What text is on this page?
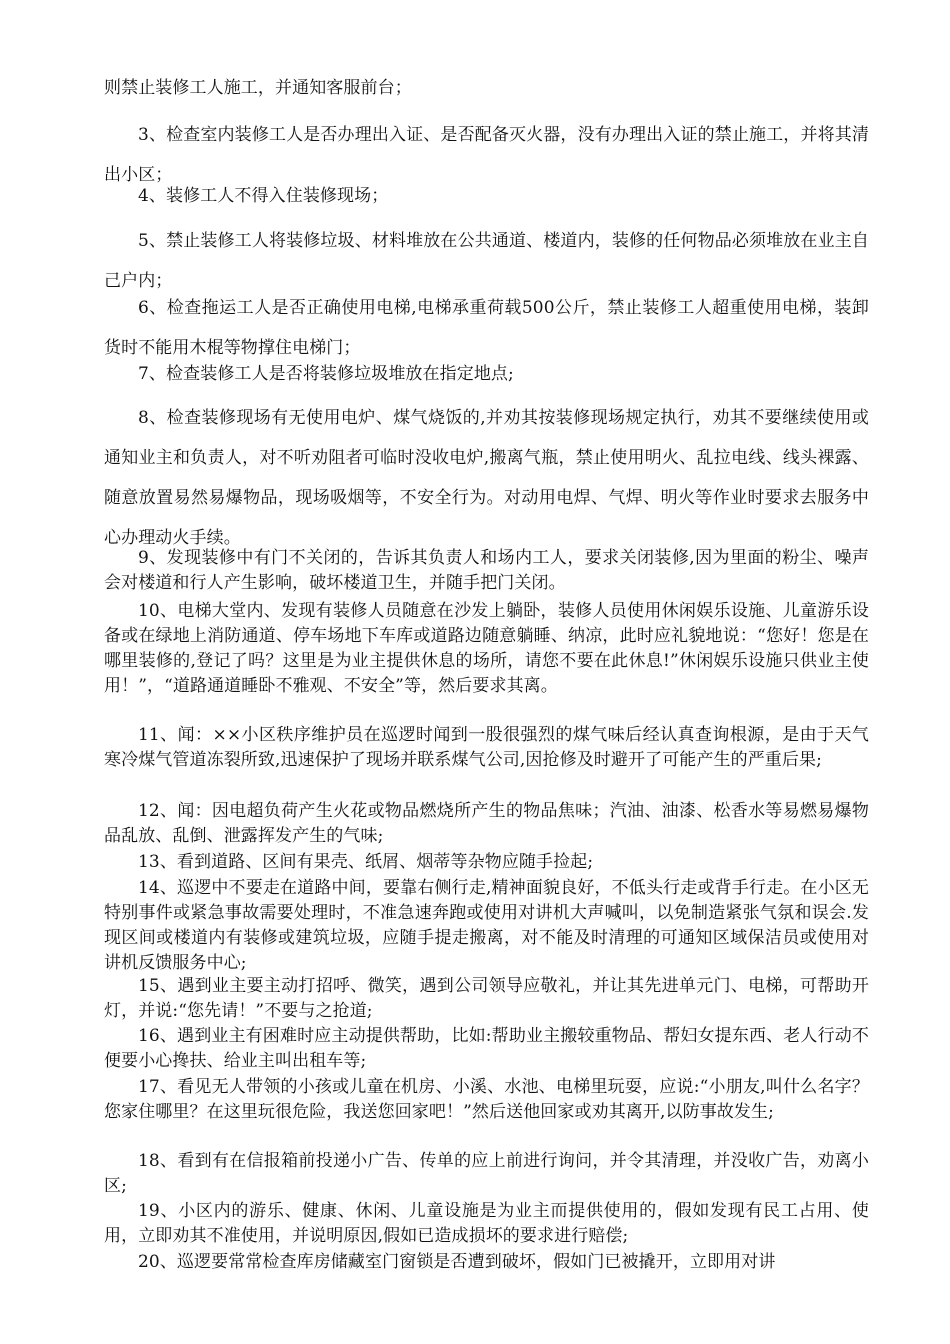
则禁止装修工人施工，并通知客服前台；

3、检查室内装修工人是否办理出入证、是否配备灭火器，没有办理出入证的禁止施工，并将其清出小区；

4、装修工人不得入住装修现场；

5、禁止装修工人将装修垃圾、材料堆放在公共通道、楼道内，装修的任何物品必须堆放在业主自己户内；

6、检查拖运工人是否正确使用电梯,电梯承重荷载500公斤，禁止装修工人超重使用电梯，装卸货时不能用木棍等物撑住电梯门；

7、检查装修工人是否将装修垃圾堆放在指定地点;

8、检查装修现场有无使用电炉、煤气烧饭的,并劝其按装修现场规定执行，劝其不要继续使用或通知业主和负责人，对不听劝阻者可临时没收电炉,搬离气瓶，禁止使用明火、乱拉电线、线头裸露、随意放置易然易爆物品，现场吸烟等，不安全行为。对动用电焊、气焊、明火等作业时要求去服务中心办理动火手续。

9、发现装修中有门不关闭的，告诉其负责人和场内工人，要求关闭装修,因为里面的粉尘、噪声会对楼道和行人产生影响，破坏楼道卫生，并随手把门关闭。

10、电梯大堂内、发现有装修人员随意在沙发上躺卧，装修人员使用休闲娱乐设施、儿童游乐设备或在绿地上消防通道、停车场地下车库或道路边随意躺睡、纳凉，此时应礼貌地说：“您好！您是在哪里装修的,登记了吗？这里是为业主提供休息的场所，请您不要在此休息!”休闲娱乐设施只供业主使用！”，“道路通道睡卧不雅观、不安全”等，然后要求其离。

11、闻：××小区秩序维护员在巡逻时闻到一股很强烈的煤气味后经认真查询根源，是由于天气寒冷煤气管道冻裂所致,迅速保护了现场并联系煤气公司,因抢修及时避开了可能产生的严重后果;

12、闻：因电超负荷产生火花或物品燃烧所产生的物品焦味；汽油、油漆、松香水等易燃易爆物品乱放、乱倒、泄露挥发产生的气味;

13、看到道路、区间有果壳、纸屑、烟蒂等杂物应随手捡起;

14、巡逻中不要走在道路中间，要靠右侧行走,精神面貌良好，不低头行走或背手行走。在小区无特别事件或紧急事故需要处理时，不准急速奔跑或使用对讲机大声喊叫，以免制造紧张气氛和误会.发现区间或楼道内有装修或建筑垃圾，应随手提走搬离，对不能及时清理的可通知区域保洁员或使用对讲机反馈服务中心;

15、遇到业主要主动打招呼、微笑，遇到公司领导应敬礼，并让其先进单元门、电梯，可帮助开灯，并说:“您先请！”不要与之抢道;

16、遇到业主有困难时应主动提供帮助，比如:帮助业主搬较重物品、帮妇女提东西、老人行动不便要小心搀扶、给业主叫出租车等;

17、看见无人带领的小孩或儿童在机房、小溪、水池、电梯里玩耍，应说:“小朋友,叫什么名字？您家住哪里？在这里玩很危险，我送您回家吧！”然后送他回家或劝其离开,以防事故发生;

18、看到有在信报箱前投递小广告、传单的应上前进行询问，并令其清理，并没收广告，劝离小区;

19、小区内的游乐、健康、休闲、儿童设施是为业主而提供使用的，假如发现有民工占用、使用，立即劝其不准使用，并说明原因,假如已造成损坏的要求进行赔偿;

20、巡逻要常常检查库房储藏室门窗锁是否遭到破坏，假如门已被撬开，立即用对讲
